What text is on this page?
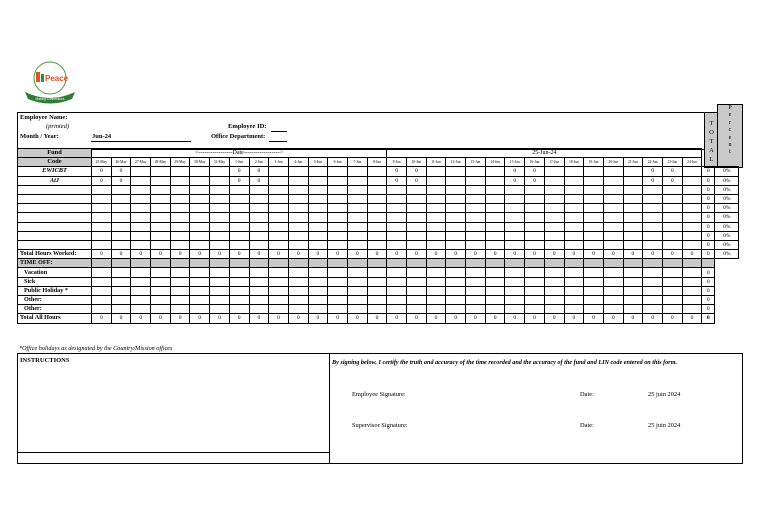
Peace
Making Connections
Employee Name:
(printed)
Month / Year:	Jun-24
Employee ID:
Office Department:
T
O
T
A
L
P
e
r
c
e
n
t
Fund	<-----------------Date------------------>															25-Jun-24																	
Code	25-May	26-May	27-May	28-May	29-May	30-May	31-May	1-Jun	2-Jun	3-Jun	4-Jun	5-Jun	6-Jun	7-Jun	8-Jun	9-Jun	10-Jun	11-Jun	12-Jun	13-Jun	14-Jun	15-Jun	16-Jun	17-Jun	18-Jun	19-Jun	20-Jun	21-Jun	22-Jun	23-Jun	24-Jun		
EWICBT	0	0						0	0							0	0					0	0						0	0		0	0%
AtJ	0	0						0	0							0	0					0	0						0	0		0	0%
																																0	0%
																																0	0%
																																0	0%
																																0	0%
																																0	0%
																																0	0%
																																0	0%
Total Hours Worked:	0	0	0	0	0	0	0	0	0	0	0	0	0	0	0	0	0	0	0	0	0	0	0	0	0	0	0	0	0	0	0	0	0%
TIME OFF:																																	
Vacation																																0	
Sick																																0	
Public Holiday *																																0	
Other:																																0	
Other:																																0	
Total All Hours	0	0	0	0	0	0	0	0	0	0	0	0	0	0	0	0	0	0	0	0	0	0	0	0	0	0	0	0	0	0	0	0	
*Office holidays as designated by the Country/Mission offices
INSTRUCTIONS	By signing below, I certify the truth and accuracy of the time recorded and the accuracy of the fund and LIN code entered on this form.
Employee Signature:	Date:	25 juin 2024
Supervisor Signature:	Date:	25 juin 2024
